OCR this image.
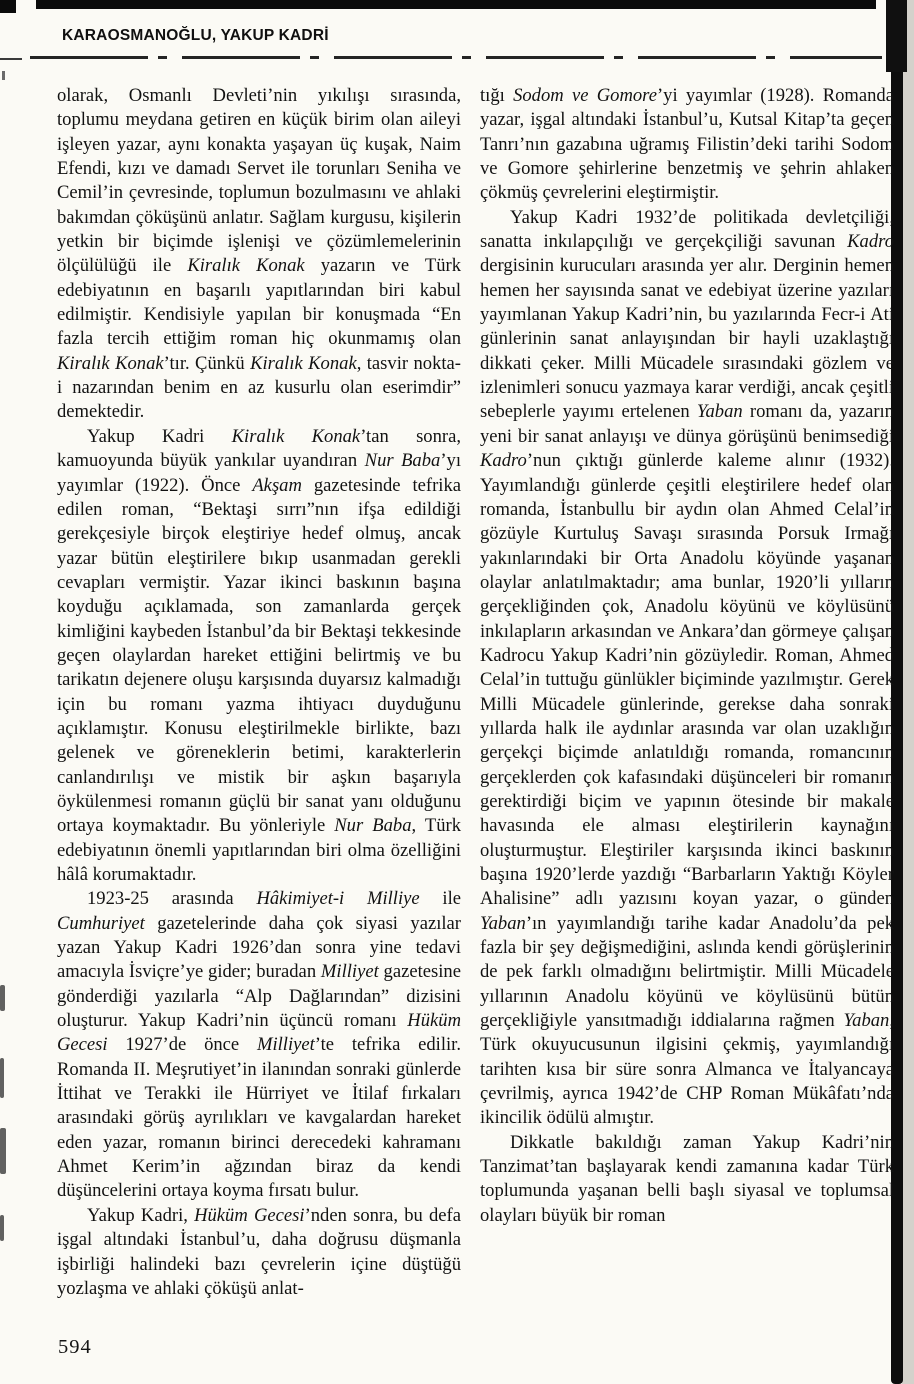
KARAOSMANOĞLU, YAKUP KADRİ

olarak, Osmanlı Devleti’nin yıkılışı sırasında, toplumu meydana getiren en küçük birim olan aileyi işleyen yazar, aynı konakta yaşayan üç kuşak, Naim Efendi, kızı ve damadı Servet ile torunları Seniha ve Cemil’in çevresinde, toplumun bozulmasını ve ahlaki bakımdan çöküşünü anlatır. Sağlam kurgusu, kişilerin yetkin bir biçimde işlenişi ve çözümlemelerinin ölçülülüğü ile Kiralık Konak yazarın ve Türk edebiyatının en başarılı yapıtlarından biri kabul edilmiştir. Kendisiyle yapılan bir konuşmada “En fazla tercih ettiğim roman hiç okunmamış olan Kiralık Konak’tır. Çünkü Kiralık Konak, tasvir nokta-i nazarından benim en az kusurlu olan eserimdir” demektedir.

Yakup Kadri Kiralık Konak’tan sonra, kamuoyunda büyük yankılar uyandıran Nur Baba’yı yayımlar (1922). Önce Akşam gazetesinde tefrika edilen roman, “Bektaşi sırrı”nın ifşa edildiği gerekçesiyle birçok eleştiriye hedef olmuş, ancak yazar bütün eleştirilere bıkıp usanmadan gerekli cevapları vermiştir. Yazar ikinci baskının başına koyduğu açıklamada, son zamanlarda gerçek kimliğini kaybeden İstanbul’da bir Bektaşi tekkesinde geçen olaylardan hareket ettiğini belirtmiş ve bu tarikatın dejenere oluşu karşısında duyarsız kalmadığı için bu romanı yazma ihtiyacı duyduğunu açıklamıştır. Konusu eleştirilmekle birlikte, bazı gelenek ve göreneklerin betimi, karakterlerin canlandırılışı ve mistik bir aşkın başarıyla öykülenmesi romanın güçlü bir sanat yanı olduğunu ortaya koymaktadır. Bu yönleriyle Nur Baba, Türk edebiyatının önemli yapıtlarından biri olma özelliğini hâlâ korumaktadır.

1923-25 arasında Hâkimiyet-i Milliye ile Cumhuriyet gazetelerinde daha çok siyasi yazılar yazan Yakup Kadri 1926’dan sonra yine tedavi amacıyla İsviçre’ye gider; buradan Milliyet gazetesine gönderdiği yazılarla “Alp Dağlarından” dizisini oluşturur. Yakup Kadri’nin üçüncü romanı Hüküm Gecesi 1927’de önce Milliyet’te tefrika edilir. Romanda II. Meşrutiyet’in ilanından sonraki günlerde İttihat ve Terakki ile Hürriyet ve İtilaf fırkaları arasındaki görüş ayrılıkları ve kavgalardan hareket eden yazar, romanın birinci derecedeki kahramanı Ahmet Kerim’in ağzından biraz da kendi düşüncelerini ortaya koyma fırsatı bulur.

Yakup Kadri, Hüküm Gecesi’nden sonra, bu defa işgal altındaki İstanbul’u, daha doğrusu düşmanla işbirliği halindeki bazı çevrelerin içine düştüğü yozlaşma ve ahlaki çöküşü anlat-

tığı Sodom ve Gomore’yi yayımlar (1928). Romanda yazar, işgal altındaki İstanbul’u, Kutsal Kitap’ta geçen Tanrı’nın gazabına uğramış Filistin’deki tarihi Sodom ve Gomore şehirlerine benzetmiş ve şehrin ahlaken çökmüş çevrelerini eleştirmiştir.

Yakup Kadri 1932’de politikada devletçiliği, sanatta inkılapçılığı ve gerçekçiliği savunan Kadro dergisinin kurucuları arasında yer alır. Derginin hemen hemen her sayısında sanat ve edebiyat üzerine yazıları yayımlanan Yakup Kadri’nin, bu yazılarında Fecr-i Ati günlerinin sanat anlayışından bir hayli uzaklaştığı dikkati çeker. Milli Mücadele sırasındaki gözlem ve izlenimleri sonucu yazmaya karar verdiği, ancak çeşitli sebeplerle yayımı ertelenen Yaban romanı da, yazarın yeni bir sanat anlayışı ve dünya görüşünü benimsediği Kadro’nun çıktığı günlerde kaleme alınır (1932). Yayımlandığı günlerde çeşitli eleştirilere hedef olan romanda, İstanbullu bir aydın olan Ahmed Celal’in gözüyle Kurtuluş Savaşı sırasında Porsuk Irmağı yakınlarındaki bir Orta Anadolu köyünde yaşanan olaylar anlatılmaktadır; ama bunlar, 1920’li yılların gerçekliğinden çok, Anadolu köyünü ve köylüsünü inkılapların arkasından ve Ankara’dan görmeye çalışan Kadrocu Yakup Kadri’nin gözüyledir. Roman, Ahmed Celal’in tuttuğu günlükler biçiminde yazılmıştır. Gerek Milli Mücadele günlerinde, gerekse daha sonraki yıllarda halk ile aydınlar arasında var olan uzaklığın gerçekçi biçimde anlatıldığı romanda, romancının gerçeklerden çok kafasındaki düşünceleri bir romanın gerektirdiği biçim ve yapının ötesinde bir makale havasında ele alması eleştirilerin kaynağını oluşturmuştur. Eleştiriler karşısında ikinci baskının başına 1920’lerde yazdığı “Barbarların Yaktığı Köyler Ahalisine” adlı yazısını koyan yazar, o günden Yaban’ın yayımlandığı tarihe kadar Anadolu’da pek fazla bir şey değişmediğini, aslında kendi görüşlerinin de pek farklı olmadığını belirtmiştir. Milli Mücadele yıllarının Anadolu köyünü ve köylüsünü bütün gerçekliğiyle yansıtmadığı iddialarına rağmen Yaban, Türk okuyucusunun ilgisini çekmiş, yayımlandığı tarihten kısa bir süre sonra Almanca ve İtalyancaya çevrilmiş, ayrıca 1942’de CHP Roman Mükâfatı’nda ikincilik ödülü almıştır.

Dikkatle bakıldığı zaman Yakup Kadri’nin Tanzimat’tan başlayarak kendi zamanına kadar Türk toplumunda yaşanan belli başlı siyasal ve toplumsal olayları büyük bir roman

594
